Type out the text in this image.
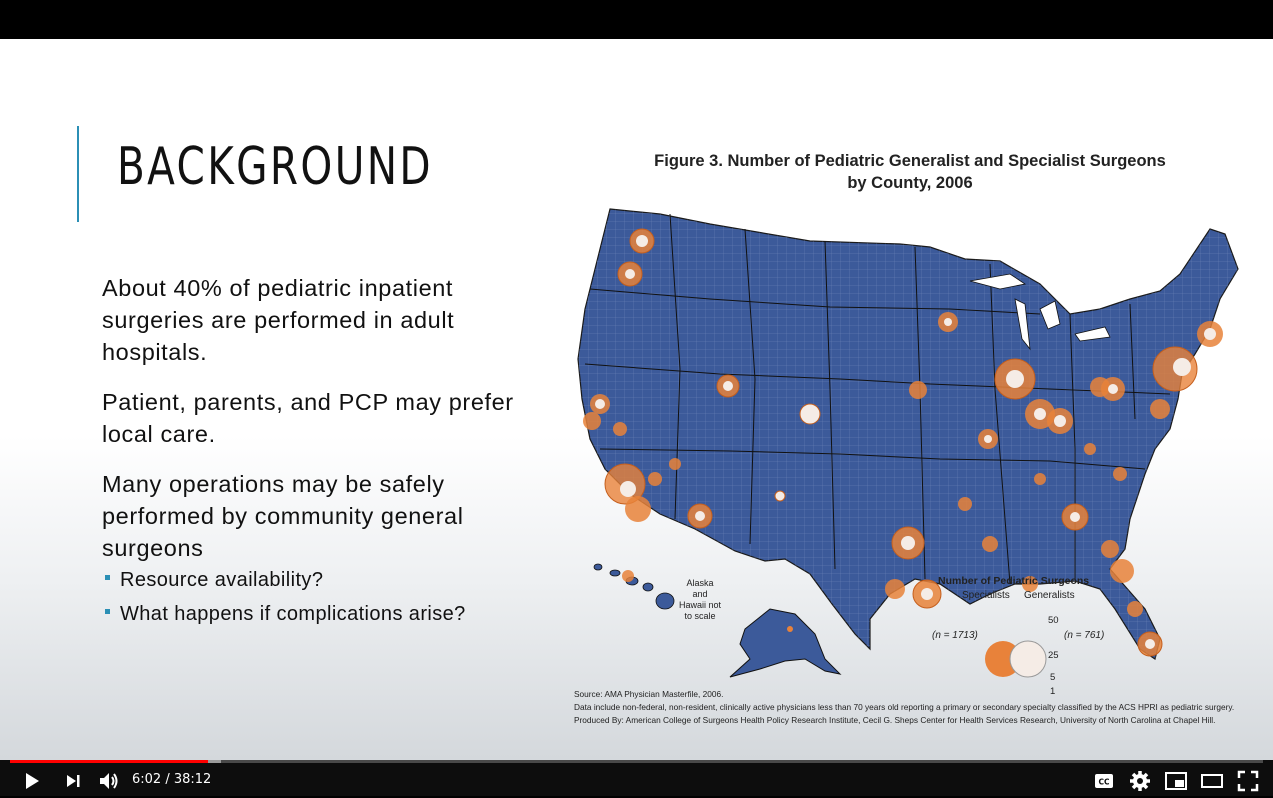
BACKGROUND

About 40% of pediatric inpatient surgeries are performed in adult hospitals.

Patient, parents, and PCP may prefer local care.

Many operations may be safely performed by community general surgeons

Resource availability?
What happens if complications arise?
Figure 3. Number of Pediatric Generalist and Specialist Surgeons
by County, 2006
Alaska and Hawaii not to scale
Number of Pediatric Surgeons
Specialists Generalists
(n = 1713)	(n = 761)
50
25
5
1
Source: AMA Physician Masterfile, 2006.
Data include non-federal, non-resident, clinically active physicians less than 70 years old reporting a primary or secondary specialty classified by the ACS HPRI as pediatric surgery.
Produced By: American College of Surgeons Health Policy Research Institute, Cecil G. Sheps Center for Health Services Research, University of North Carolina at Chapel Hill.
6:02 / 38:12	CC
